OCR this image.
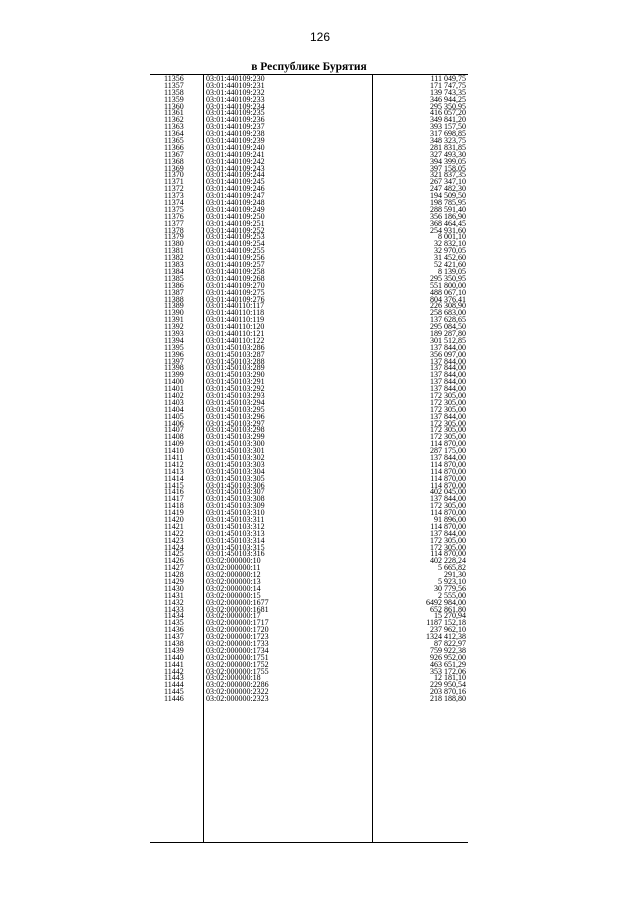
126
в Республике Бурятия
11356	03:01:440109:230	111 049,75
11357	03:01:440109:231	171 747,75
11358	03:01:440109:232	139 743,35
11359	03:01:440109:233	346 944,25
11360	03:01:440109:234	295 350,95
11361	03:01:440109:235	416 057,20
11362	03:01:440109:236	349 841,20
11363	03:01:440109:237	393 157,50
11364	03:01:440109:238	317 698,85
11365	03:01:440109:239	348 323,75
11366	03:01:440109:240	281 831,85
11367	03:01:440109:241	327 493,30
11368	03:01:440109:242	394 399,05
11369	03:01:440109:243	397 158,05
11370	03:01:440109:244	321 837,35
11371	03:01:440109:245	267 347,10
11372	03:01:440109:246	247 482,30
11373	03:01:440109:247	194 509,50
11374	03:01:440109:248	198 785,95
11375	03:01:440109:249	288 591,40
11376	03:01:440109:250	356 186,90
11377	03:01:440109:251	368 464,45
11378	03:01:440109:252	254 931,60
11379	03:01:440109:253	8 001,10
11380	03:01:440109:254	32 832,10
11381	03:01:440109:255	32 970,05
11382	03:01:440109:256	31 452,60
11383	03:01:440109:257	52 421,60
11384	03:01:440109:258	8 139,05
11385	03:01:440109:268	295 350,95
11386	03:01:440109:270	551 800,00
11387	03:01:440109:275	488 067,10
11388	03:01:440109:276	804 376,41
11389	03:01:440110:117	226 308,90
11390	03:01:440110:118	258 683,00
11391	03:01:440110:119	137 628,65
11392	03:01:440110:120	295 084,50
11393	03:01:440110:121	189 287,80
11394	03:01:440110:122	301 512,85
11395	03:01:450103:286	137 844,00
11396	03:01:450103:287	356 097,00
11397	03:01:450103:288	137 844,00
11398	03:01:450103:289	137 844,00
11399	03:01:450103:290	137 844,00
11400	03:01:450103:291	137 844,00
11401	03:01:450103:292	137 844,00
11402	03:01:450103:293	172 305,00
11403	03:01:450103:294	172 305,00
11404	03:01:450103:295	172 305,00
11405	03:01:450103:296	137 844,00
11406	03:01:450103:297	172 305,00
11407	03:01:450103:298	172 305,00
11408	03:01:450103:299	172 305,00
11409	03:01:450103:300	114 870,00
11410	03:01:450103:301	287 175,00
11411	03:01:450103:302	137 844,00
11412	03:01:450103:303	114 870,00
11413	03:01:450103:304	114 870,00
11414	03:01:450103:305	114 870,00
11415	03:01:450103:306	114 870,00
11416	03:01:450103:307	402 045,00
11417	03:01:450103:308	137 844,00
11418	03:01:450103:309	172 305,00
11419	03:01:450103:310	114 870,00
11420	03:01:450103:311	91 896,00
11421	03:01:450103:312	114 870,00
11422	03:01:450103:313	137 844,00
11423	03:01:450103:314	172 305,00
11424	03:01:450103:315	172 305,00
11425	03:01:450103:316	114 870,00
11426	03:02:000000:10	402 228,24
11427	03:02:000000:11	5 665,82
11428	03:02:000000:12	291,30
11429	03:02:000000:13	5 923,10
11430	03:02:000000:14	30 779,56
11431	03:02:000000:15	2 555,00
11432	03:02:000000:1677	6492 984,00
11433	03:02:000000:1681	652 861,80
11434	03:02:000000:17	15 270,94
11435	03:02:000000:1717	1187 152,18
11436	03:02:000000:1720	237 962,10
11437	03:02:000000:1723	1324 412,38
11438	03:02:000000:1733	87 822,97
11439	03:02:000000:1734	759 922,38
11440	03:02:000000:1751	926 952,00
11441	03:02:000000:1752	463 651,29
11442	03:02:000000:1755	353 172,06
11443	03:02:000000:18	12 181,10
11444	03:02:000000:2286	229 950,54
11445	03:02:000000:2322	203 870,16
11446	03:02:000000:2323	218 188,80
